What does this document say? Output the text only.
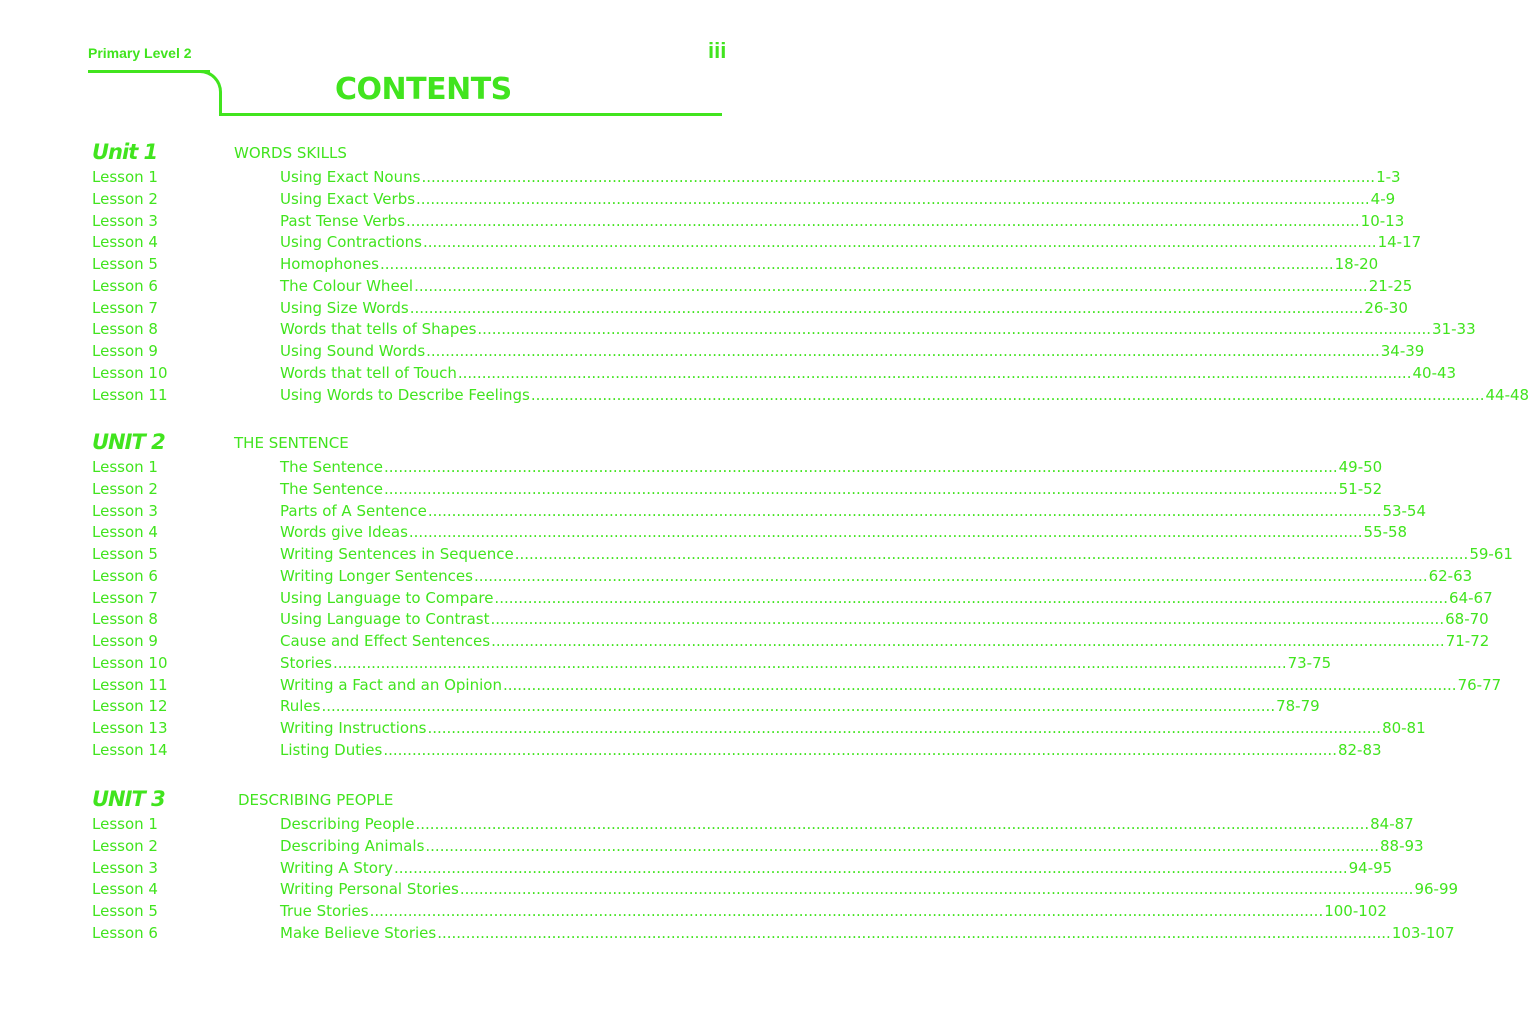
Primary Level 2	iii
CONTENTS
Unit 1	WORDS SKILLS
Lesson 1	Using Exact Nouns ........................................................................................................................................................................................................ 1-3
Lesson 2	Using Exact Verbs ........................................................................................................................................................................................................ 4-9
Lesson 3	Past Tense Verbs ........................................................................................................................................................................................................ 10-13
Lesson 4	Using Contractions ........................................................................................................................................................................................................ 14-17
Lesson 5	Homophones ........................................................................................................................................................................................................ 18-20
Lesson 6	The Colour Wheel ........................................................................................................................................................................................................ 21-25
Lesson 7	Using Size Words ........................................................................................................................................................................................................ 26-30
Lesson 8	Words that tells of Shapes ........................................................................................................................................................................................................ 31-33
Lesson 9	Using Sound Words ........................................................................................................................................................................................................ 34-39
Lesson 10	Words that tell of Touch ........................................................................................................................................................................................................ 40-43
Lesson 11	Using Words to Describe Feelings ........................................................................................................................................................................................................ 44-48
UNIT 2	THE SENTENCE
Lesson 1	The Sentence ........................................................................................................................................................................................................ 49-50
Lesson 2	The Sentence ........................................................................................................................................................................................................ 51-52
Lesson 3	Parts of A Sentence ........................................................................................................................................................................................................ 53-54
Lesson 4	Words give Ideas ........................................................................................................................................................................................................ 55-58
Lesson 5	Writing Sentences in Sequence ........................................................................................................................................................................................................ 59-61
Lesson 6	Writing Longer Sentences ........................................................................................................................................................................................................ 62-63
Lesson 7	Using Language to Compare ........................................................................................................................................................................................................ 64-67
Lesson 8	Using Language to Contrast ........................................................................................................................................................................................................ 68-70
Lesson 9	Cause and Effect Sentences ........................................................................................................................................................................................................ 71-72
Lesson 10	Stories ........................................................................................................................................................................................................ 73-75
Lesson 11	Writing a Fact and an Opinion ........................................................................................................................................................................................................ 76-77
Lesson 12	Rules ........................................................................................................................................................................................................ 78-79
Lesson 13	Writing Instructions ........................................................................................................................................................................................................ 80-81
Lesson 14	Listing Duties ........................................................................................................................................................................................................ 82-83
UNIT 3	DESCRIBING PEOPLE
Lesson 1	Describing People ........................................................................................................................................................................................................ 84-87
Lesson 2	Describing Animals ........................................................................................................................................................................................................ 88-93
Lesson 3	Writing A Story ........................................................................................................................................................................................................ 94-95
Lesson 4	Writing Personal Stories ........................................................................................................................................................................................................ 96-99
Lesson 5	True Stories ........................................................................................................................................................................................................ 100-102
Lesson 6	Make Believe Stories ........................................................................................................................................................................................................ 103-107
